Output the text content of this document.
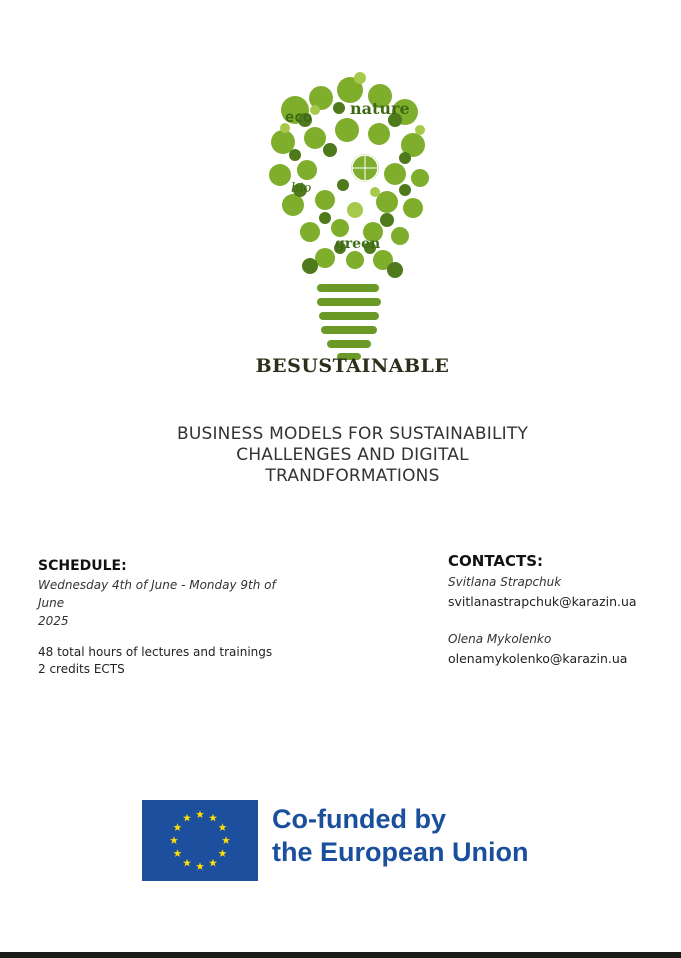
eco nature
bio
green
BESUSTAINABLE
BUSINESS MODELS FOR SUSTAINABILITY
CHALLENGES AND DIGITAL
TRANDFORMATIONS
SCHEDULE:
Wednesday 4th of June - Monday 9th of June
2025
48 total hours of lectures and trainings
2 credits ECTS
CONTACTS:
Svitlana Strapchuk
svitlanastrapchuk@karazin.ua
Olena Mykolenko
olenamykolenko@karazin.ua
Co-funded by
the European Union
